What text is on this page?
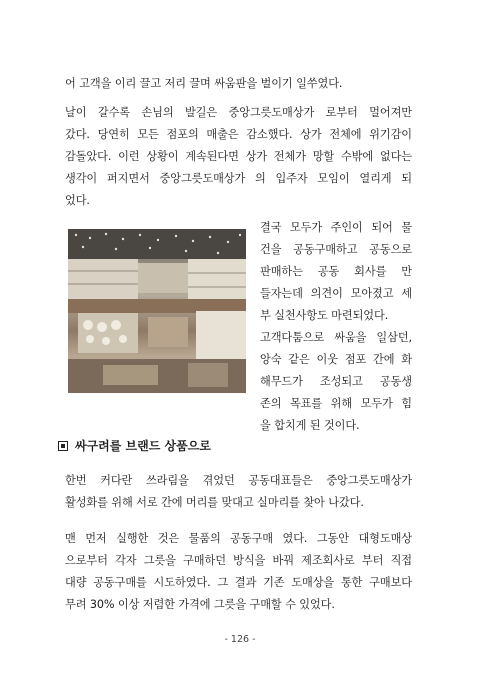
어 고객을 이리 끌고 저리 끌며 싸움판을 벌이기 일쑤였다.
날이 갈수록 손님의 발길은 중앙그릇도매상가 로부터 멀어져만
갔다. 당연히 모든 점포의 매출은 감소했다. 상가 전체에 위기감이
감돌았다. 이런 상황이 계속된다면 상가 전체가 망할 수밖에 없다는
생각이 퍼지면서 중앙그릇도매상가 의 입주자 모임이 열리게 되
었다.
결국 모두가 주인이 되어 물
건을 공동구매하고 공동으로
판매하는 공동 회사를 만
들자는데 의견이 모아졌고 세
부 실천사항도 마련되었다.
고객다툼으로 싸움을 일삼던,
앙숙 같은 이웃 점포 간에 화
해무드가 조성되고 공동생
존의 목표를 위해 모두가 힘
을 합치게 된 것이다.
싸구려를 브랜드 상품으로
한번 커다란 쓰라림을 겪었던 공동대표들은 중앙그릇도매상가
활성화를 위해 서로 간에 머리를 맞대고 실마리를 찾아 나갔다.
맨 먼저 실행한 것은 물품의 공동구매 였다. 그동안 대형도매상
으로부터 각자 그릇을 구매하던 방식을 바꿔 제조회사로 부터 직접
대량 공동구매를 시도하였다. 그 결과 기존 도매상을 통한 구매보다
무려 30% 이상 저렴한 가격에 그릇을 구매할 수 있었다.
- 126 -
